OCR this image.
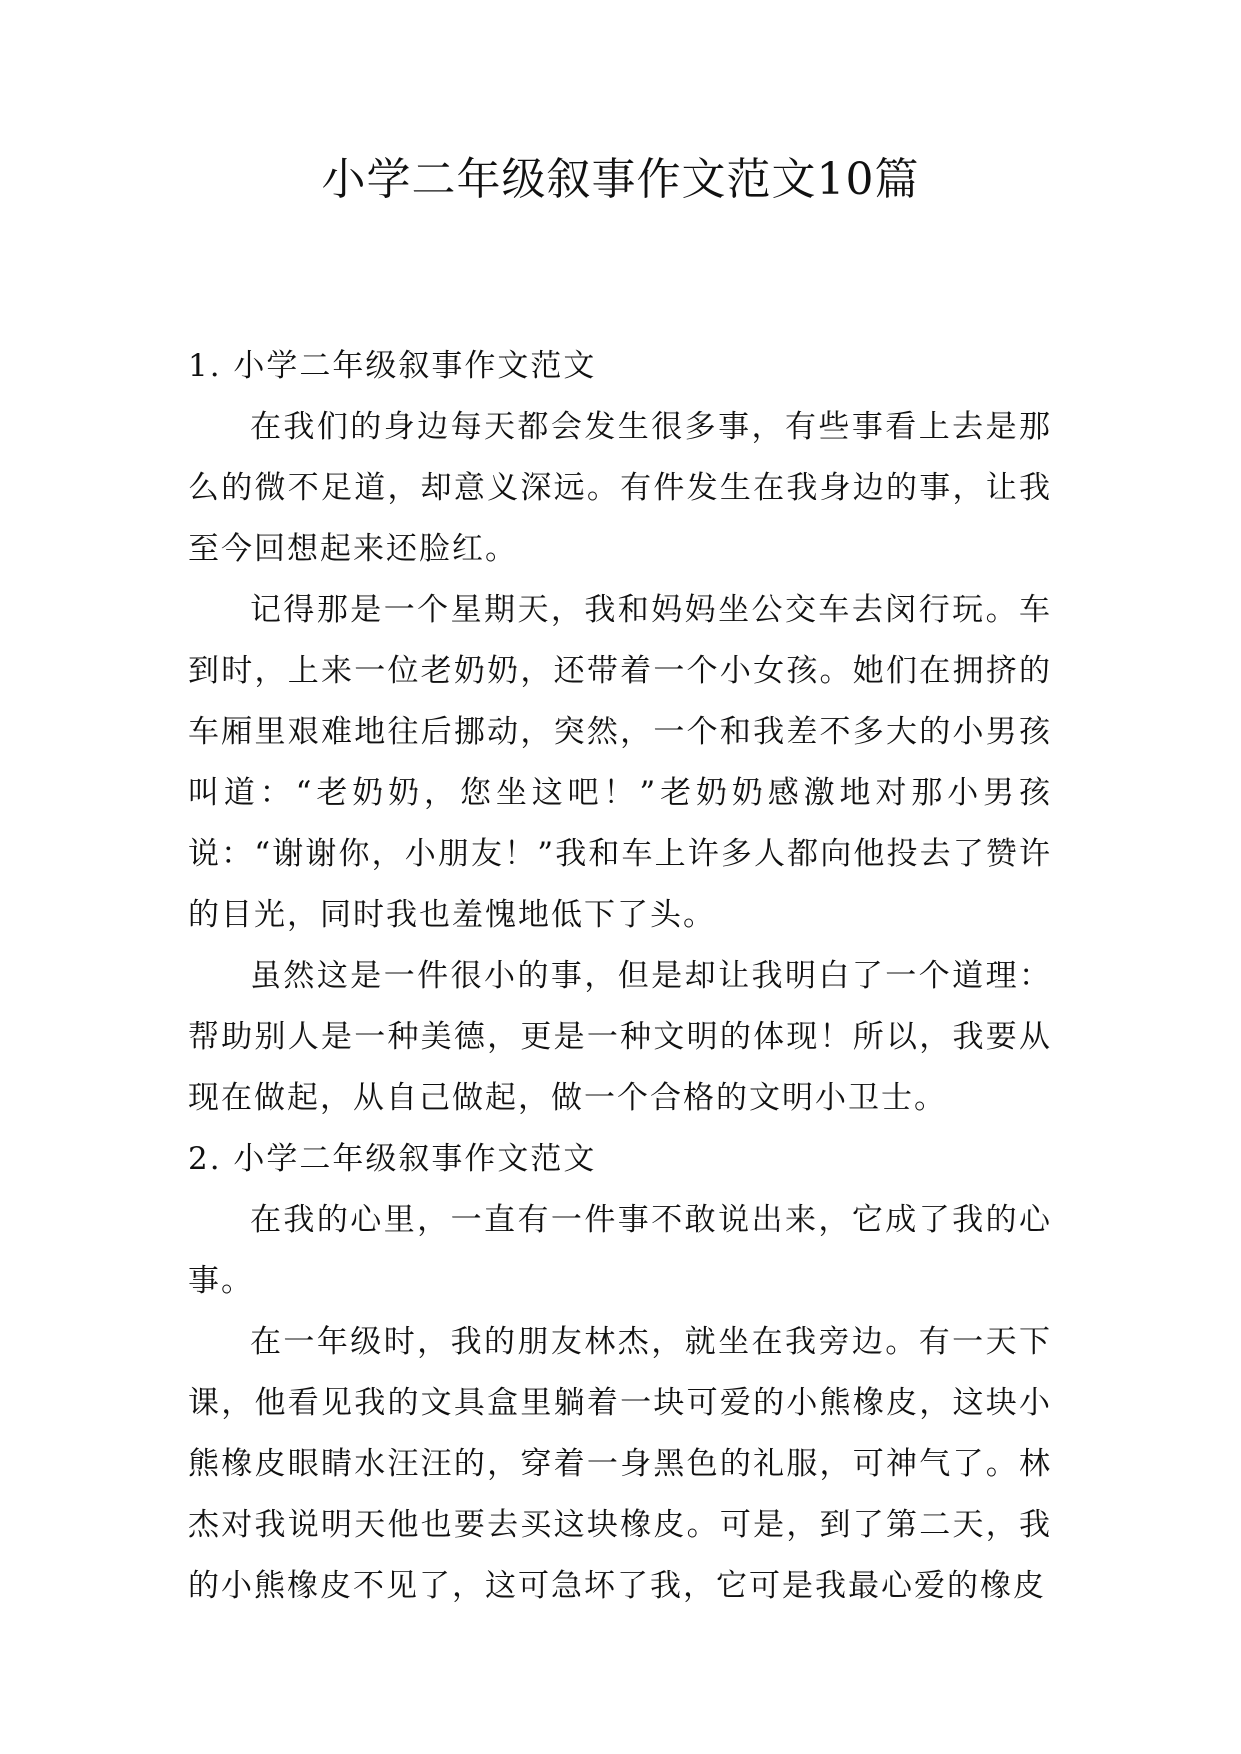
小学二年级叙事作文范文10篇
1. 小学二年级叙事作文范文

在我们的身边每天都会发生很多事，有些事看上去是那么的微不足道，却意义深远。有件发生在我身边的事，让我至今回想起来还脸红。

记得那是一个星期天，我和妈妈坐公交车去闵行玩。车到时，上来一位老奶奶，还带着一个小女孩。她们在拥挤的车厢里艰难地往后挪动，突然，一个和我差不多大的小男孩叫道：“老奶奶，您坐这吧！”老奶奶感激地对那小男孩说：“谢谢你，小朋友！”我和车上许多人都向他投去了赞许的目光，同时我也羞愧地低下了头。

虽然这是一件很小的事，但是却让我明白了一个道理：帮助别人是一种美德，更是一种文明的体现！所以，我要从现在做起，从自己做起，做一个合格的文明小卫士。

2. 小学二年级叙事作文范文

在我的心里，一直有一件事不敢说出来，它成了我的心事。

在一年级时，我的朋友林杰，就坐在我旁边。有一天下课，他看见我的文具盒里躺着一块可爱的小熊橡皮，这块小熊橡皮眼睛水汪汪的，穿着一身黑色的礼服，可神气了。林杰对我说明天他也要去买这块橡皮。可是，到了第二天，我的小熊橡皮不见了，这可急坏了我，它可是我最心爱的橡皮
